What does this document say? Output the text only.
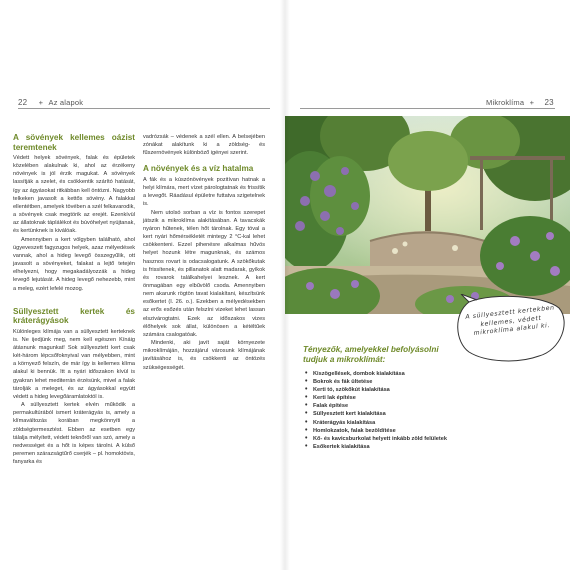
22 + Az alapok	Mikroklíma + 23
A sövények kellemes oázist teremtenek

Védett helyek sövények, falak és épületek közelében alakulnak ki, ahol az érzékeny növények is jól érzik magukat. A sövények lassítják a szelet, és csökkentik szárító hatását, így az ágyásokat ritkábban kell öntözni. Nagyobb telkeken javasolt a kettős sövény. A falakkal ellentétben, amelyek tövében a szél felkavarodik, a sövények csak megtörik az erejét. Ezenkívül az állatoknak táplálékot és búvóhelyet nyújtanak, és kertünknek is kiválóak.

Amennyiben a kert völgyben található, ahol ügyeveszett fagyzugos helyek, azaz mélyedések vannak, ahol a hideg levegő összegyűlik, ott javasolt a sövényeket, falakat a lejtő tetején elhelyezni, hogy megakadályozzák a hideg levegő lejutását. A hideg levegő nehezebb, mint a meleg, ezért lefelé mozog.

Süllyesztett kertek és kráterágyások

Különleges klímája van a süllyesztett kerteknek is. Ne ijedjünk meg, nem kell egészen Kínáig átásnunk magunkat! Sok süllyesztett kert csak két-három lépcsőfoknyival van mélyebben, mint a környező felszín, de már így is kellemes klíma alakul ki bennük. Itt a nyári időszakon kívül is gyakran lehet mediterrán érzésünk, mivel a falak tárolják a meleget, és az ágyásokkal együtt védett a hideg levegőáramlatoktól is.

A süllyesztett kertek elvén működik a permakultúrából ismert kráterágyás is, amely a klímaváltozás korában megkönnyíti a zöldségtermesztést. Ebben az esetben egy tálalja mélyített, védett teknőről van szó, amely a nedvességet és a hőt is képes tárolni. A külső peremen szárazságtűrő cserjék – pl. homoktövis, fanyarka és

vadrózsák – védenek a szél ellen. A belsejében zónákat alakítunk ki a zöldség- és fűszernövények különböző igényei szerint.

A növények és a víz hatalma

A fák és a kúszónövények pozitívan hatnak a helyi klímára, mert vízet párologtatnak és frissítik a levegőt. Ráadásul épületre futtatva szigetelnek is.

Nem utolsó sorban a víz is fontos szerepet játszik a mikroklíma alakításában. A tavacskák nyáron hűtenek, télen hőt tárolnak. Egy tóval a kert nyári hőmérsékletét mintegy 2 °C-kal lehet csökkenteni. Ezzel pihenésre alkalmas hűvös helyet hozunk létre magunknak, és számos hasznos rovart is odacsalogatunk. A szökőkutak is frissítenek, és pillanatok alatt madarak, gyíkok és rovarok találkahelyei lesznek. A kert önmagában egy elbűvölő csoda. Amennyiben nem akarunk rögtön tavat kialakítani, készítsünk esőkertet (I. 26. o.). Ezekben a mélyedésekben az erős esőzés után felszíni vizeket lehet lassan elszivárogtatni. Ezek az időszakos vizes élőhelyek sok állat, különösen a kétéltűek számára csalogatóak.

Mindenki, aki javít saját környezete mikroklímáján, hozzájárul városunk klímájának javításához is, és csökkenti az öntözés szükségességét.

A süllyesztett kertekben kellemes, védett mikroklíma alakul ki.
Tényezők, amelyekkel befolyásolni tudjuk a mikroklímát:
• Kiszögellések, dombok kialakítása
• Bokrok és fák ültetése
• Kerti tó, szökőkút kialakítása
• Kerti lak építése
• Falak építése
• Süllyesztett kert kialakítása
• Kráterágyás kialakítása
• Homlokzatok, falak bezöldítése
• Kő- és kavicsburkolat helyett inkább zöld felületek
• Esőkertek kialakítása
